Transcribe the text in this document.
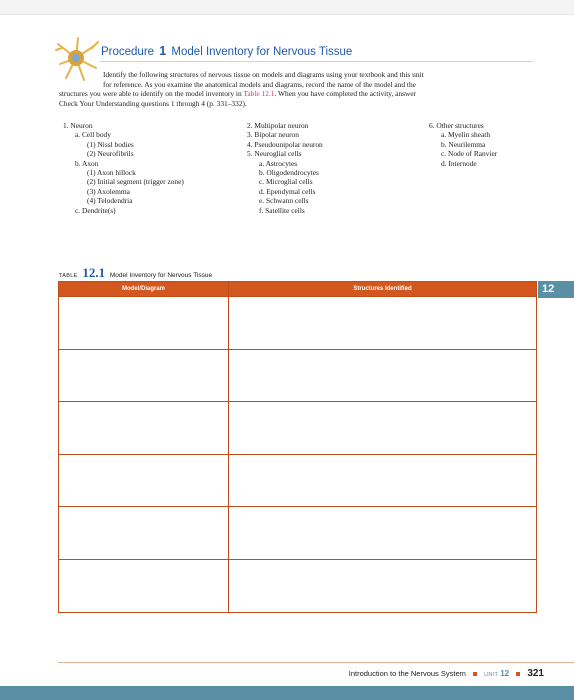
Procedure 1 Model Inventory for Nervous Tissue

Identify the following structures of nervous tissue on models and diagrams using your textbook and this unit

for reference. As you examine the anatomical models and diagrams, record the name of the model and the

structures you were able to identify on the model inventory in Table 12.1. When you have completed the activity, answer

Check Your Understanding questions 1 through 4 (p. 331–332).

1. Neuron
a. Cell body
(1) Nissl bodies
(2) Neurofibrils
b. Axon
(1) Axon hillock
(2) Initial segment (trigger zone)
(3) Axolemma
(4) Telodendria
c. Dendrite(s)
2. Multipolar neuron
3. Bipolar neuron
4. Pseudounipolar neuron
5. Neuroglial cells
a. Astrocytes
b. Oligodendrocytes
c. Microglial cells
d. Ependymal cells
e. Schwann cells
f. Satellite cells
6. Other structures
a. Myelin sheath
b. Neurilemma
c. Node of Ranvier
d. Internode
TABLE 12.1 Model Inventory for Nervous Tissue
Model/Diagram	Structures Identified

		12
Introduction to the Nervous System	UNIT 12 321
